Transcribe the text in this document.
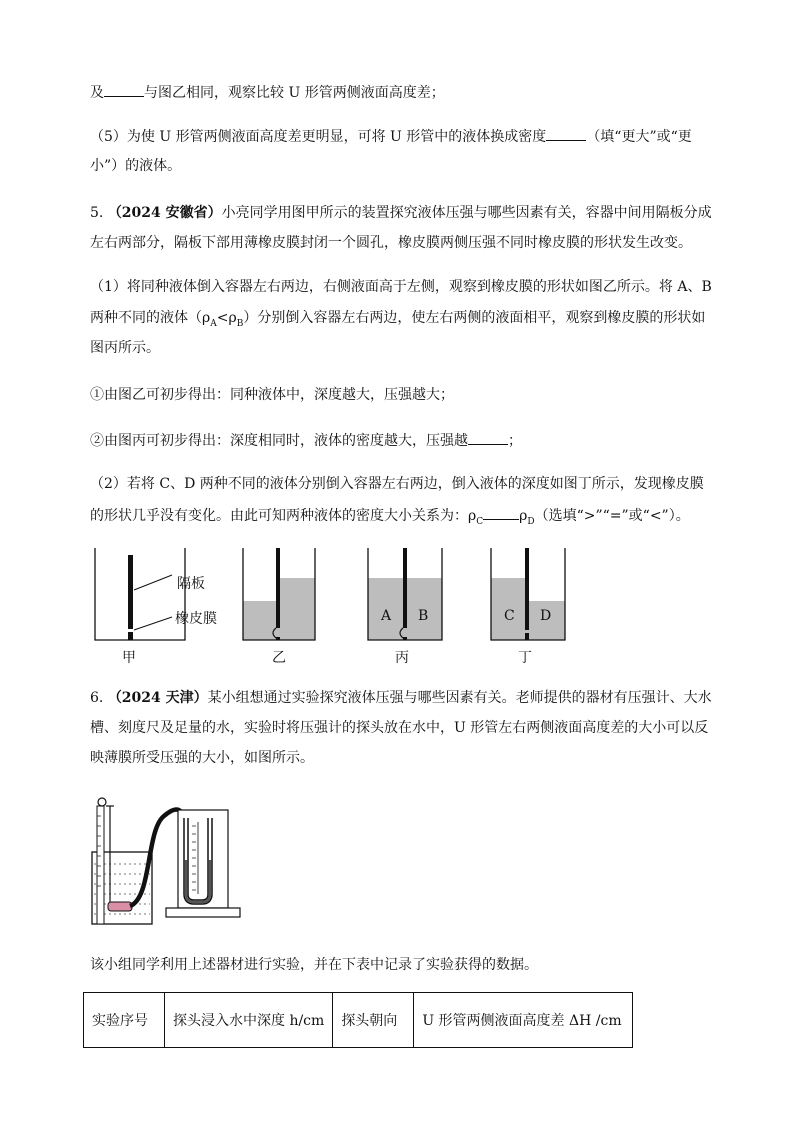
及	与图乙相同，观察比较 U 形管两侧液面高度差；
（5）为使 U 形管两侧液面高度差更明显，可将 U 形管中的液体换成密度	（填“更大”或“更
小”）的液体。
5. （2024 安徽省）小亮同学用图甲所示的装置探究液体压强与哪些因素有关，容器中间用隔板分成
左右两部分，隔板下部用薄橡皮膜封闭一个圆孔，橡皮膜两侧压强不同时橡皮膜的形状发生改变。
（1）将同种液体倒入容器左右两边，右侧液面高于左侧，观察到橡皮膜的形状如图乙所示。将 A、B
两种不同的液体$(\rho_A<\rho_B)$分别倒入容器左右两边，使左右两侧的液面相平，观察到橡皮膜的形状如
图丙所示。
①由图乙可初步得出：同种液体中，深度越大，压强越大；
②由图丙可初步得出：深度相同时，液体的密度越大，压强越	；
（2）若将 C、D 两种不同的液体分别倒入容器左右两边，倒入液体的深度如图丁所示，发现橡皮膜
的形状几乎没有变化。由此可知两种液体的密度大小关系为：$\rho_C$	$\rho_D$（选填“>”“=”或“<”）。
隔板
橡皮膜	A B	C D
甲	乙	丙	丁
6. （2024 天津）某小组想通过实验探究液体压强与哪些因素有关。老师提供的器材有压强计、大水
槽、刻度尺及足量的水，实验时将压强计的探头放在水中，U 形管左右两侧液面高度差的大小可以反
映薄膜所受压强的大小，如图所示。
该小组同学利用上述器材进行实验，并在下表中记录了实验获得的数据。
实验序号	探头浸入水中深度 h/cm	探头朝向	U 形管两侧液面高度差 ΔH /cm
